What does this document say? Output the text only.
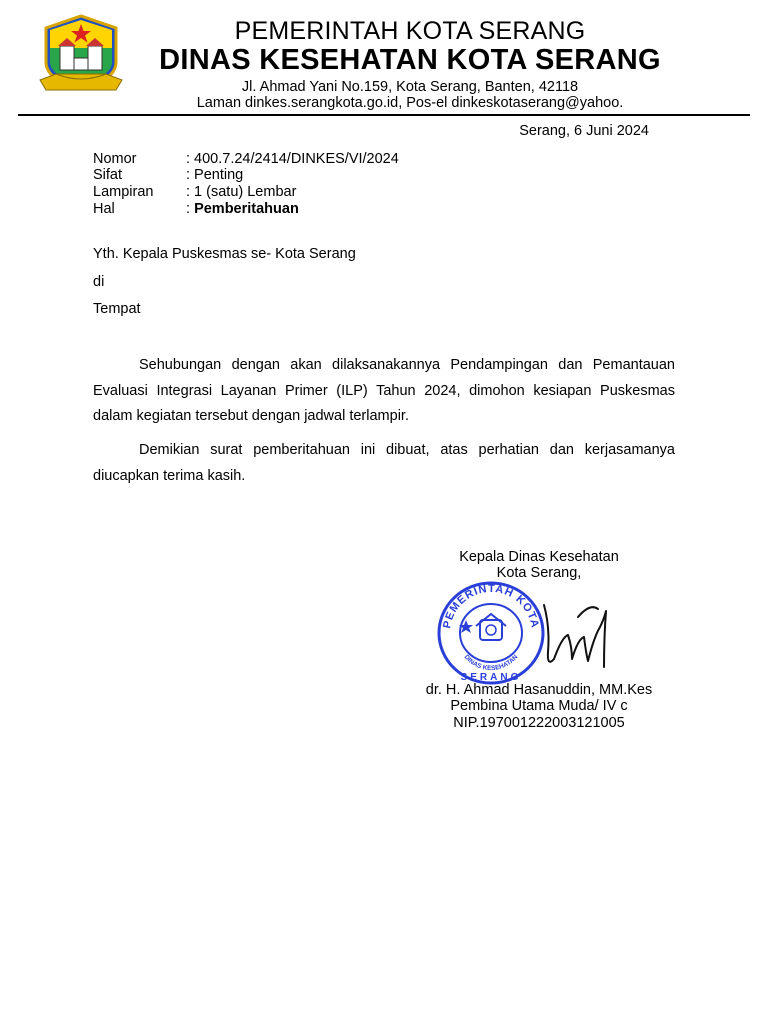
PEMERINTAH KOTA SERANG
DINAS KESEHATAN KOTA SERANG
Jl. Ahmad Yani No.159, Kota Serang, Banten, 42118
Laman dinkes.serangkota.go.id, Pos-el dinkeskotaserang@yahoo.
Serang, 6 Juni 2024
Nomor	: 400.7.24/2414/DINKES/VI/2024
Sifat	: Penting
Lampiran : 1 (satu) Lembar
Hal	: Pemberitahuan
Yth. Kepala Puskesmas se- Kota Serang
di
Tempat
Sehubungan dengan akan dilaksanakannya Pendampingan dan Pemantauan Evaluasi Integrasi Layanan Primer (ILP) Tahun 2024, dimohon kesiapan Puskesmas dalam kegiatan tersebut dengan jadwal terlampir.
Demikian surat pemberitahuan ini dibuat, atas perhatian dan kerjasamanya diucapkan terima kasih.
Kepala Dinas Kesehatan
Kota Serang,
PEMERINTAH KOTA
DINAS KESEHATAN
SERANG
dr. H. Ahmad Hasanuddin, MM.Kes
Pembina Utama Muda/ IV c
NIP.197001222003121005
